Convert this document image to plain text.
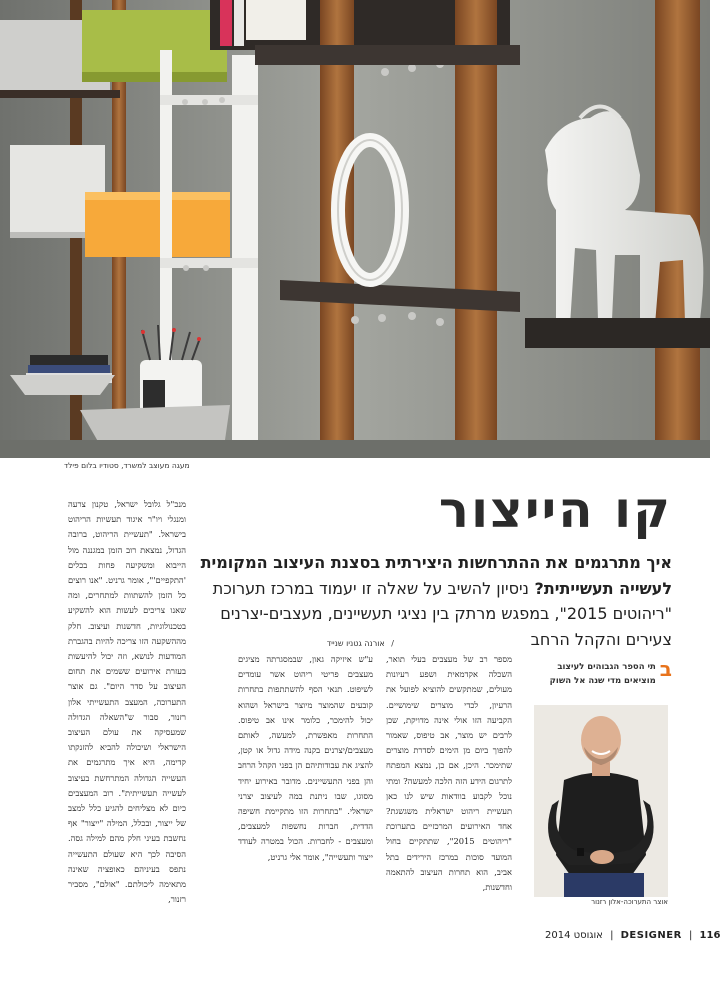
מעגה מעוצב למשרד, סטודיו בלום פילד
קו הייצור
איך מתרגמים את ההתרחשות היצירתית בסצנת העיצוב המקומית לעשייה תעשייתית? ניסיון להשיב על שאלה זו יעמוד במרכז תערוכת "ריהוטים 2015", במפגש מרתק בין נציגי תעשיינים, מעצבים-יצרנים צעירים והקהל הרחב
/ אורנה גטניו שנייד
ב
תי הספר הגבוהים לעיצוב מוציאים מדי שנה אל השוק
אוצר התערוכה-אלון רזנור

מספר רב של מעצבים בעלי תואר, השכלה אקדמאית ושפע רעיונות מעולים, שמתקשים להוציא לפועל את הרעיון, לכדי מוצרים שימושיים. הקביעה הזו אולי אינה מדויקת, שכן לרבים יש מוצר, אב טיפוס, שאמור להפוך ביום מן הימים לסדרת מוצרים שתימכר. היכן, אם כן, נמצא המפתח לתרגום הידע הזה הלכה למעשה? ומתי נוכל לקבוע בוודאות שיש לנו כאן תעשיית ריהוט ישראלית משגשגת? אחד האירועים המרכזיים בתערוכת "ריהוטים 2015", שתתקיים בחול המועד סוכות במרכז הירידים בתל אביב, הוא תחרות העיצוב להתאמה וחדשנות,

ע"ש איזיקה גאון, שבמסגרתה מציגים מעצבים פריטי ריהוט אשר עומדים לשיפוט. תנאי הסף להשתתפות בתחרות קובעים שהמוצר מיוצר בישראל ושהוא יכול להימכר, כלומר אינו אב טיפוס. התחרות מאפשרת, למעשה, לאותם מעצבים/יצרנים בקנה מידה גדול או קטן, להציג את עבודותיהם הן בפני הקהל הרחב והן בפני התעשיינים. מדובר באירוע יחיד מסוגו, שבו ניתנת במה לעיצוב יצרני ישראלי. "בתחרות הזו מתקיימת חשיפה הדדית, חברות נחשפות למעצבים, ומעצבים - לחברות. הכול במטרה לעודד ייצור ותעשייה", אומר אלי גרניט,

מנכ"ל גלובל ישראל, טקנון צרעה ומנגלי ויו"ר איגוד תעשיות הריהוט בישראל. "תעשיית הריהוט, ברובה הגדול, נמצאת רוב הזמן במגננה מול הייבוא ומשקיעה פחות בכלים 'התקפיים'", אומר גרניט. "אנו רוצים כל הזמן להשתוות למתחרים, ומה שאנו צריכים לעשות הוא להשקיע בטכנולוגיות, חדשנות ועיצוב. חלק מההשקעה הזו צריכה להיות בהגברת המודעות לנושא, וזה יכול להיעשות בעזרת אירועים ששמים את תחום העיצוב על סדר היום". גם אוצר התערוכה, המעצב התעשייתי אלון רזנור, סבור ש"השאלה הגדולה שמעסיקה את עולם העיצוב הישראלי ושיכולה להביא להזנקתו קדימה, היא איך מתרגמים את העשייה הגדולה המתרחשת בעיצוב לעשייה תעשייתית". רוב המעצבים כיום לא מצליחים להגיע כלל למצב של ייצור, ובכלל, המילה "ייצור" אף נחשבת בעיני חלק מהם למילה גסה. הסיבה לכך היא שעולם התעשייה נתפס בעיניהם כאופציה שאינה מתאימה ליכולתם. "אולם", מסביר רזנור,

אוגוסט 2014 | DESIGNER | 116
